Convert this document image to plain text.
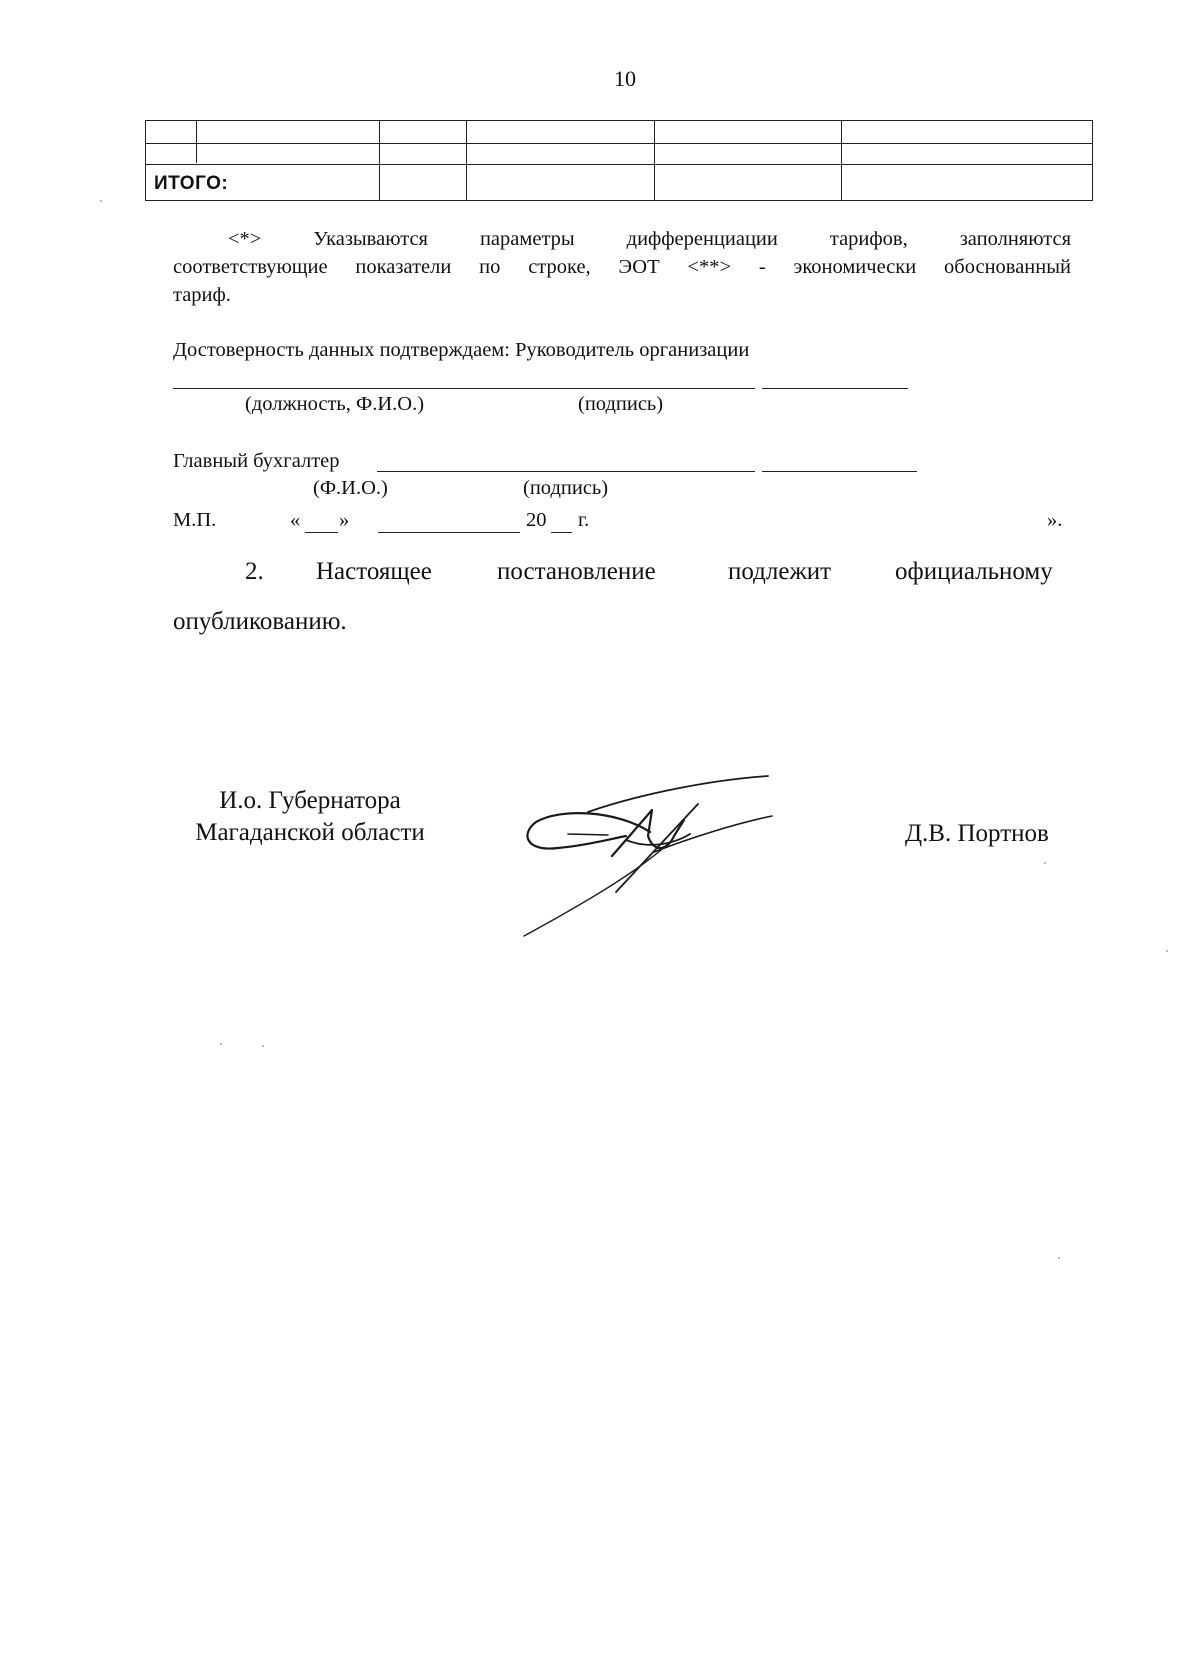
10
ИТОГО:
<*> Указываются параметры дифференциации тарифов, заполняются
соответствующие показатели по строке, ЭОТ <**> - экономически обоснованный
тариф.
Достоверность данных подтверждаем: Руководитель организации
(должность, Ф.И.О.)	(подпись)
Главный бухгалтер
(Ф.И.О.)	(подпись)
М.П.	« »	20 г.	».
2. Настоящее	постановление	подлежит	официальному
опубликованию.
И.о. Губернатора
Магаданской области	Д.В. Портнов
